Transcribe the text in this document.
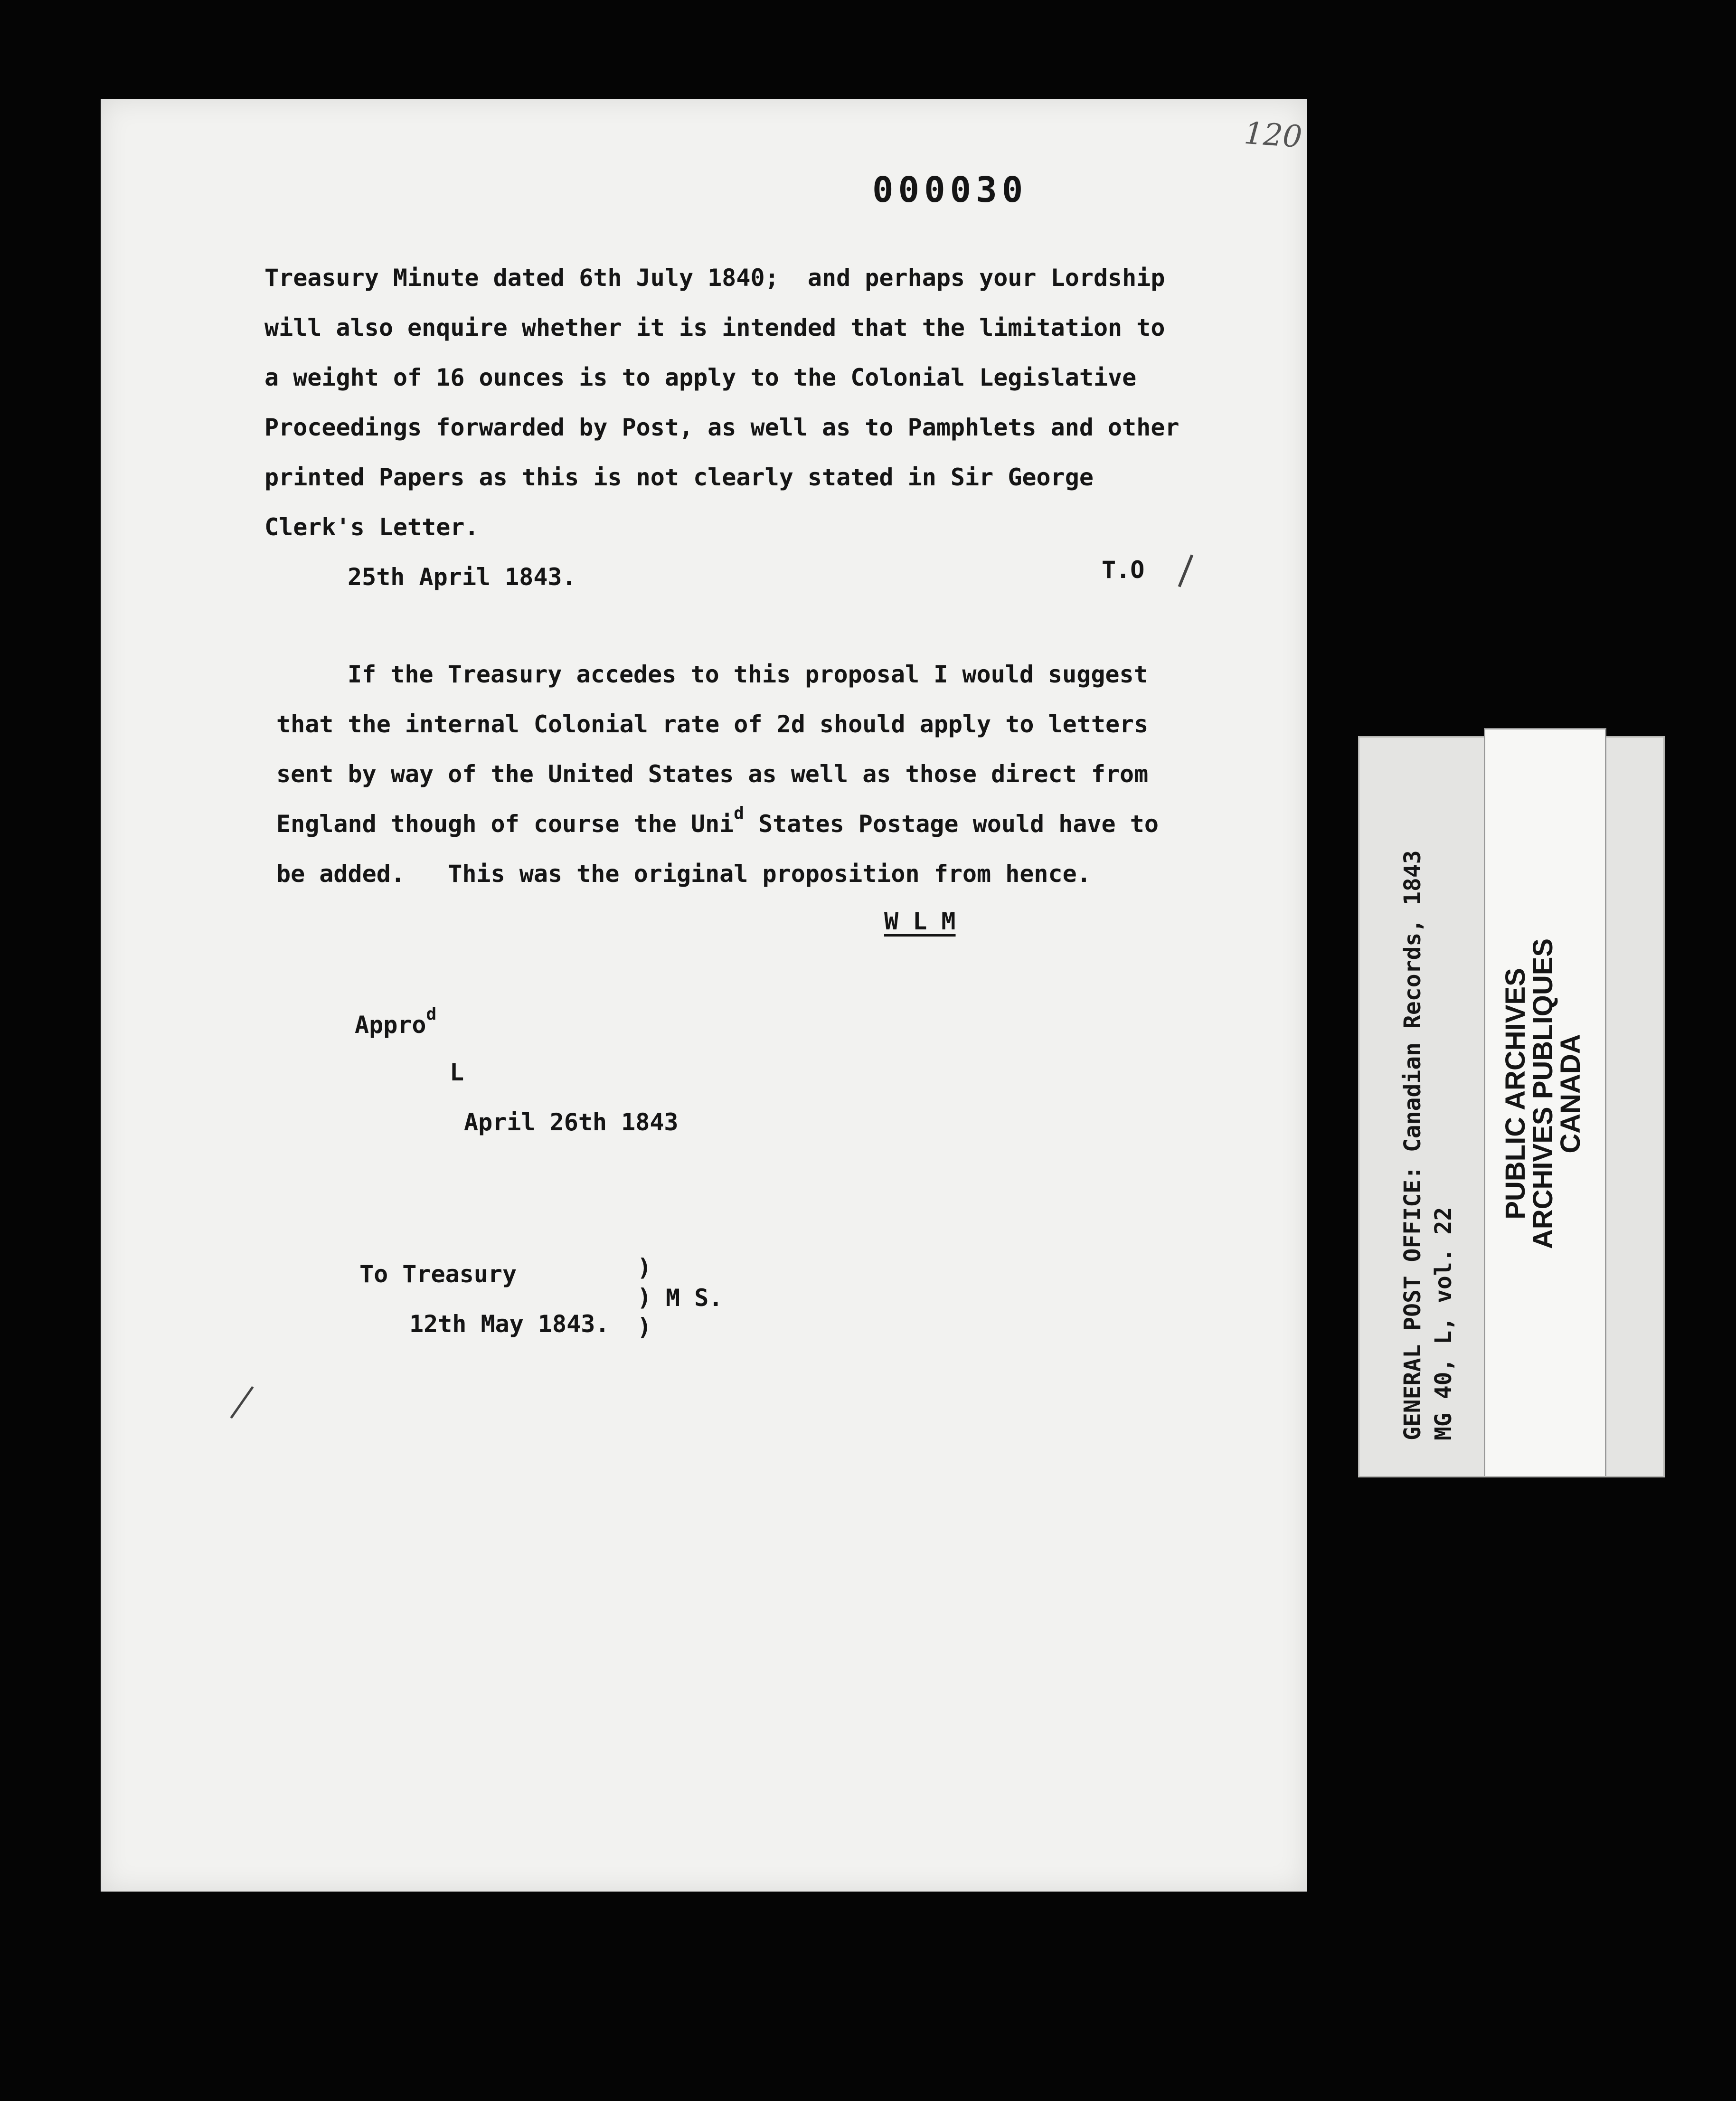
120

000030

Treasury Minute dated 6th July 1840;  and perhaps your Lordship

will also enquire whether it is intended that the limitation to

a weight of 16 ounces is to apply to the Colonial Legislative

Proceedings forwarded by Post, as well as to Pamphlets and other

printed Papers as this is not clearly stated in Sir George

Clerk's Letter.

25th April 1843.	T.O

If the Treasury accedes to this proposal I would suggest

that the internal Colonial rate of 2d should apply to letters

sent by way of the United States as well as those direct from

England though of course the Uni$^d$ States Postage would have to

be added.   This was the original proposition from hence.

W L M

Appro$^d$

L

April 26th 1843

To Treasury

12th May 1843.

)
)
)

M S.	GENERAL POST OFFICE: Canadian Records, 1843 MG 40, L, vol. 22
PUBLIC ARCHIVES
ARCHIVES PUBLIQUES
CANADA
